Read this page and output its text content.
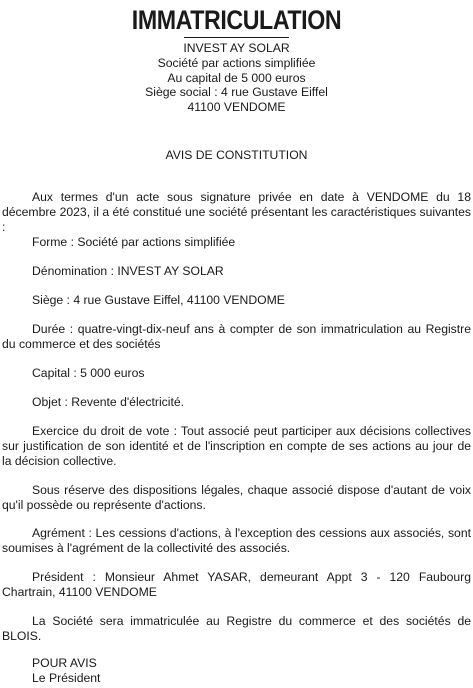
IMMATRICULATION
INVEST AY SOLAR
Société par actions simplifiée
Au capital de 5 000 euros
Siège social : 4 rue Gustave Eiffel
41100 VENDOME
AVIS DE CONSTITUTION

Aux termes d'un acte sous signature privée en date à VENDOME du 18 décembre 2023, il a été constitué une société présentant les caractéristiques suivantes :

Forme : Société par actions simplifiée

Dénomination : INVEST AY SOLAR

Siège : 4 rue Gustave Eiffel, 41100 VENDOME

Durée : quatre-vingt-dix-neuf ans à compter de son immatriculation au Registre du commerce et des sociétés

Capital : 5 000 euros

Objet : Revente d'électricité.

Exercice du droit de vote : Tout associé peut participer aux décisions collectives sur justification de son identité et de l'inscription en compte de ses actions au jour de la décision collective.

Sous réserve des dispositions légales, chaque associé dispose d'autant de voix qu'il possède ou représente d'actions.

Agrément : Les cessions d'actions, à l'exception des cessions aux associés, sont soumises à l'agrément de la collectivité des associés.

Président : Monsieur Ahmet YASAR, demeurant Appt 3 - 120 Faubourg Chartrain, 41100 VENDOME

La Société sera immatriculée au Registre du commerce et des sociétés de BLOIS.

POUR AVIS
Le Président
